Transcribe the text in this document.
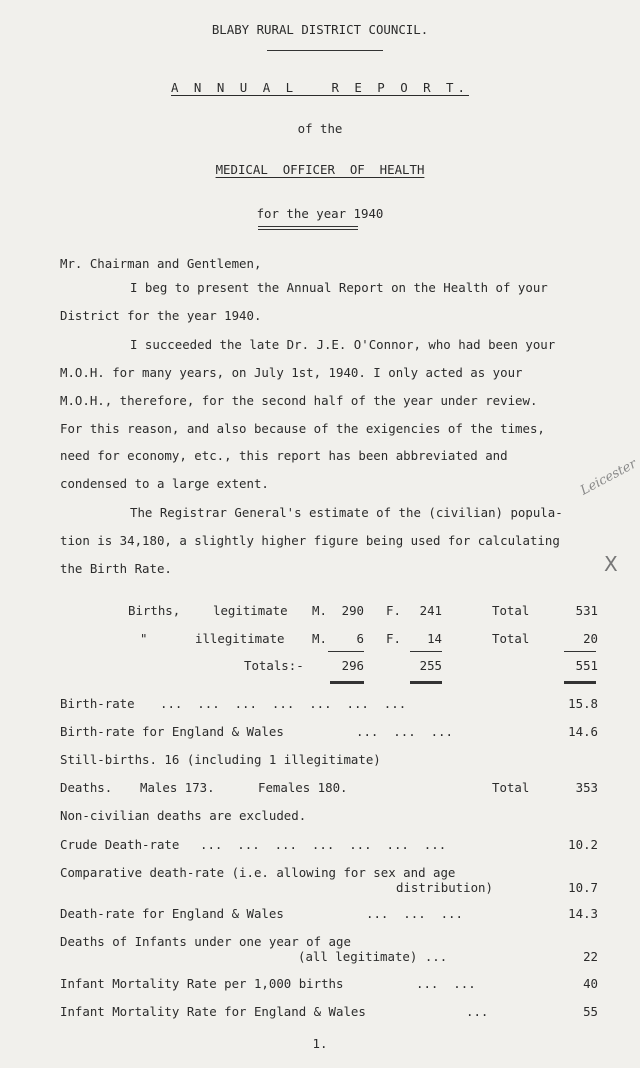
BLABY RURAL DISTRICT COUNCIL.
A N N U A L   R E P O R T.
of the
MEDICAL  OFFICER  OF  HEALTH
for the year 1940
Mr. Chairman and Gentlemen,
I beg to present the Annual Report on the Health of your
District for the year 1940.
I succeeded the late Dr. J.E. O'Connor, who had been your
M.O.H. for many years, on July 1st, 1940. I only acted as your
M.O.H., therefore, for the second half of the year under review.
For this reason, and also because of the exigencies of the times,
need for economy, etc., this report has been abbreviated and
condensed to a large extent.
The Registrar General's estimate of the (civilian) popula-
tion is 34,180, a slightly higher figure being used for calculating
the Birth Rate.
Leicester
X
Births,	legitimate M.	290 F.	241	Total	531
"	illegitimate M.	6 F.	14	Total	20
Totals:-	296	255	551
Birth-rate ...  ...  ...  ...  ...  ...  ...	15.8
Birth-rate for England & Wales	...  ...  ...	14.6
Still-births. 16 (including 1 illegitimate)
Deaths. Males 173.	Females 180.	Total	353
Non-civilian deaths are excluded.
Crude Death-rate ...  ...  ...  ...  ...  ...  ...	10.2
Comparative death-rate (i.e. allowing for sex and age
distribution)	10.7
Death-rate for England & Wales	...  ...  ...	14.3
Deaths of Infants under one year of age
(all legitimate) ...	22
Infant Mortality Rate per 1,000 births	...  ...	40
Infant Mortality Rate for England & Wales	...	55
1.
